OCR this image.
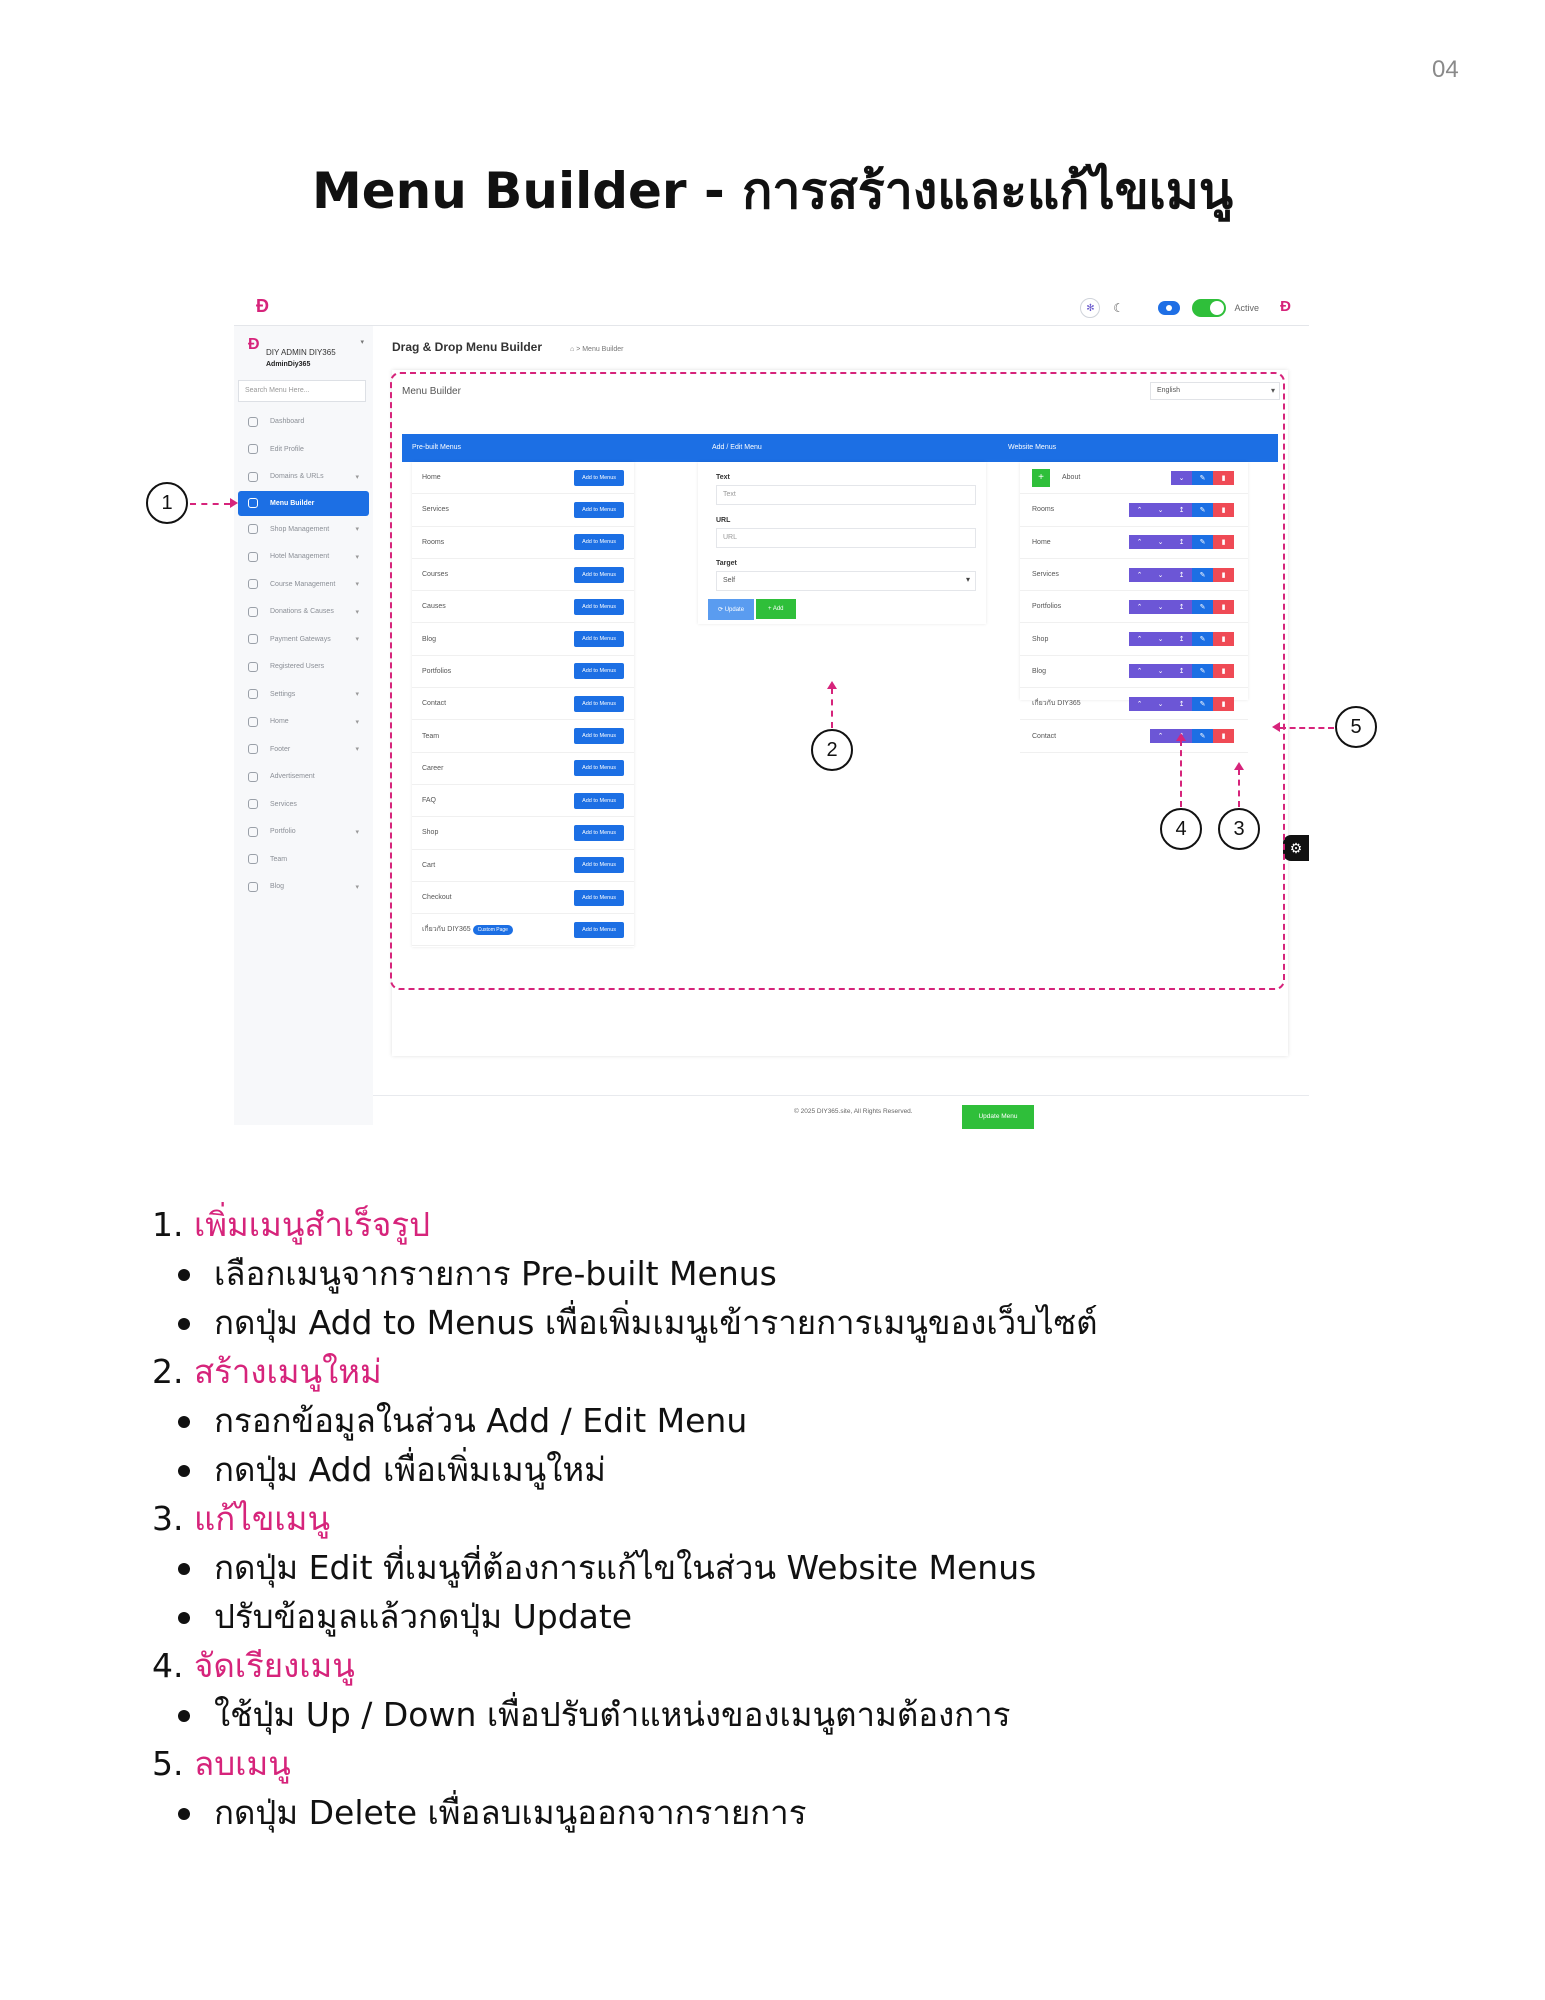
04
Menu Builder - การสร้างและแก้ไขเมนู
Ð	✻	☾	Active Ð
Ð DIY ADMIN DIY365
AdminDiy365
▾
Search Menu Here...
Dashboard
Edit Profile
Domains & URLs	▾
Menu Builder
Shop Management	▾
Hotel Management	▾
Course Management	▾
Donations & Causes	▾
Payment Gateways	▾
Registered Users
Settings	▾
Home	▾
Footer	▾
Advertisement
Services
Portfolio	▾
Team
Blog	▾
Drag & Drop Menu Builder	⌂ > Menu Builder
Menu Builder	English ▾
Pre-built Menus	Add / Edit Menu	Website Menus
Home	Add to Menus
Services	Add to Menus
Rooms	Add to Menus
Courses	Add to Menus
Causes	Add to Menus
Blog	Add to Menus
Portfolios	Add to Menus
Contact	Add to Menus
Team	Add to Menus
Career	Add to Menus
FAQ	Add to Menus
Shop	Add to Menus
Cart	Add to Menus
Checkout	Add to Menus
เกี่ยวกับ DIY365 Custom Page	Add to Menus
Text
Text
URL
URL
Target
Self ▾
⟳ Update	+ Add
+	About	⌄	✎	▮
Rooms	⌃	⌄	↥	✎	▮
Home	⌃	⌄	↥	✎	▮
Services	⌃	⌄	↥	✎	▮
Portfolios	⌃	⌄	↥	✎	▮
Shop	⌃	⌄	↥	✎	▮
Blog	⌃	⌄	↥	✎	▮
เกี่ยวกับ DIY365	⌃	⌄	↥	✎	▮
Contact	⌃	↥	✎	▮
Update Menu
© 2025 DIY365.site, All Rights Reserved.
⚙
1
2
3
4
5
1. เพิ่มเมนูสำเร็จรูป
เลือกเมนูจากรายการ Pre-built Menus
กดปุ่ม Add to Menus เพื่อเพิ่มเมนูเข้ารายการเมนูของเว็บไซต์
2. สร้างเมนูใหม่
กรอกข้อมูลในส่วน Add / Edit Menu
กดปุ่ม Add เพื่อเพิ่มเมนูใหม่
3. แก้ไขเมนู
กดปุ่ม Edit ที่เมนูที่ต้องการแก้ไขในส่วน Website Menus
ปรับข้อมูลแล้วกดปุ่ม Update
4. จัดเรียงเมนู
ใช้ปุ่ม Up / Down เพื่อปรับตำแหน่งของเมนูตามต้องการ
5. ลบเมนู
กดปุ่ม Delete เพื่อลบเมนูออกจากรายการ
